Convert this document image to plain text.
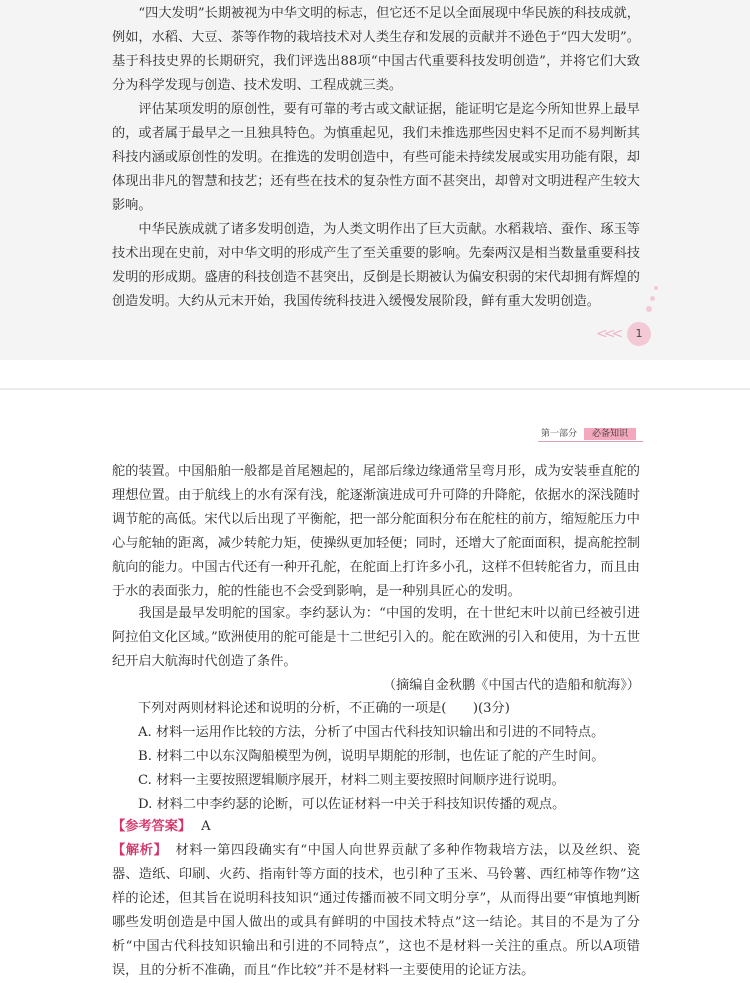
“四大发明”长期被视为中华文明的标志，但它还不足以全面展现中华民族的科技成就，例如，水稻、大豆、茶等作物的栽培技术对人类生存和发展的贡献并不逊色于“四大发明”。基于科技史界的长期研究，我们评选出88项“中国古代重要科技发明创造”，并将它们大致分为科学发现与创造、技术发明、工程成就三类。

评估某项发明的原创性，要有可靠的考古或文献证据，能证明它是迄今所知世界上最早的，或者属于最早之一且独具特色。为慎重起见，我们未推选那些因史料不足而不易判断其科技内涵或原创性的发明。在推选的发明创造中，有些可能未持续发展或实用功能有限，却体现出非凡的智慧和技艺；还有些在技术的复杂性方面不甚突出，却曾对文明进程产生较大影响。

中华民族成就了诸多发明创造，为人类文明作出了巨大贡献。水稻栽培、蚕作、琢玉等技术出现在史前，对中华文明的形成产生了至关重要的影响。先秦两汉是相当数量重要科技发明的形成期。盛唐的科技创造不甚突出，反倒是长期被认为偏安积弱的宋代却拥有辉煌的创造发明。大约从元末开始，我国传统科技进入缓慢发展阶段，鲜有重大发明创造。

<<<	1
第一部分 必备知识

舵的装置。中国船舶一般都是首尾翘起的，尾部后缘边缘通常呈弯月形，成为安装垂直舵的理想位置。由于航线上的水有深有浅，舵逐渐演进成可升可降的升降舵，依据水的深浅随时调节舵的高低。宋代以后出现了平衡舵，把一部分舵面积分布在舵柱的前方，缩短舵压力中心与舵轴的距离，减少转舵力矩，使操纵更加轻便；同时，还增大了舵面面积，提高舵控制航向的能力。中国古代还有一种开孔舵，在舵面上打许多小孔，这样不但转舵省力，而且由于水的表面张力，舵的性能也不会受到影响，是一种别具匠心的发明。

我国是最早发明舵的国家。李约瑟认为：“中国的发明，在十世纪末叶以前已经被引进阿拉伯文化区域。”欧洲使用的舵可能是十二世纪引入的。舵在欧洲的引入和使用，为十五世纪开启大航海时代创造了条件。

（摘编自金秋鹏《中国古代的造船和航海》）

下列对两则材料论述和说明的分析，不正确的一项是(　　)(3分)

A. 材料一运用作比较的方法，分析了中国古代科技知识输出和引进的不同特点。

B. 材料二中以东汉陶船模型为例，说明早期舵的形制，也佐证了舵的产生时间。

C. 材料一主要按照逻辑顺序展开，材料二则主要按照时间顺序进行说明。

D. 材料二中李约瑟的论断，可以佐证材料一中关于科技知识传播的观点。

【参考答案】 A

【解析】 材料一第四段确实有“中国人向世界贡献了多种作物栽培方法，以及丝织、瓷器、造纸、印刷、火药、指南针等方面的技术，也引种了玉米、马铃薯、西红柿等作物”这样的论述，但其旨在说明科技知识“通过传播而被不同文明分享”，从而得出要“审慎地判断哪些发明创造是中国人做出的或具有鲜明的中国技术特点”这一结论。其目的不是为了分析“中国古代科技知识输出和引进的不同特点”，这也不是材料一关注的重点。所以A项错误，且的分析不准确，而且“作比较”并不是材料一主要使用的论证方法。
